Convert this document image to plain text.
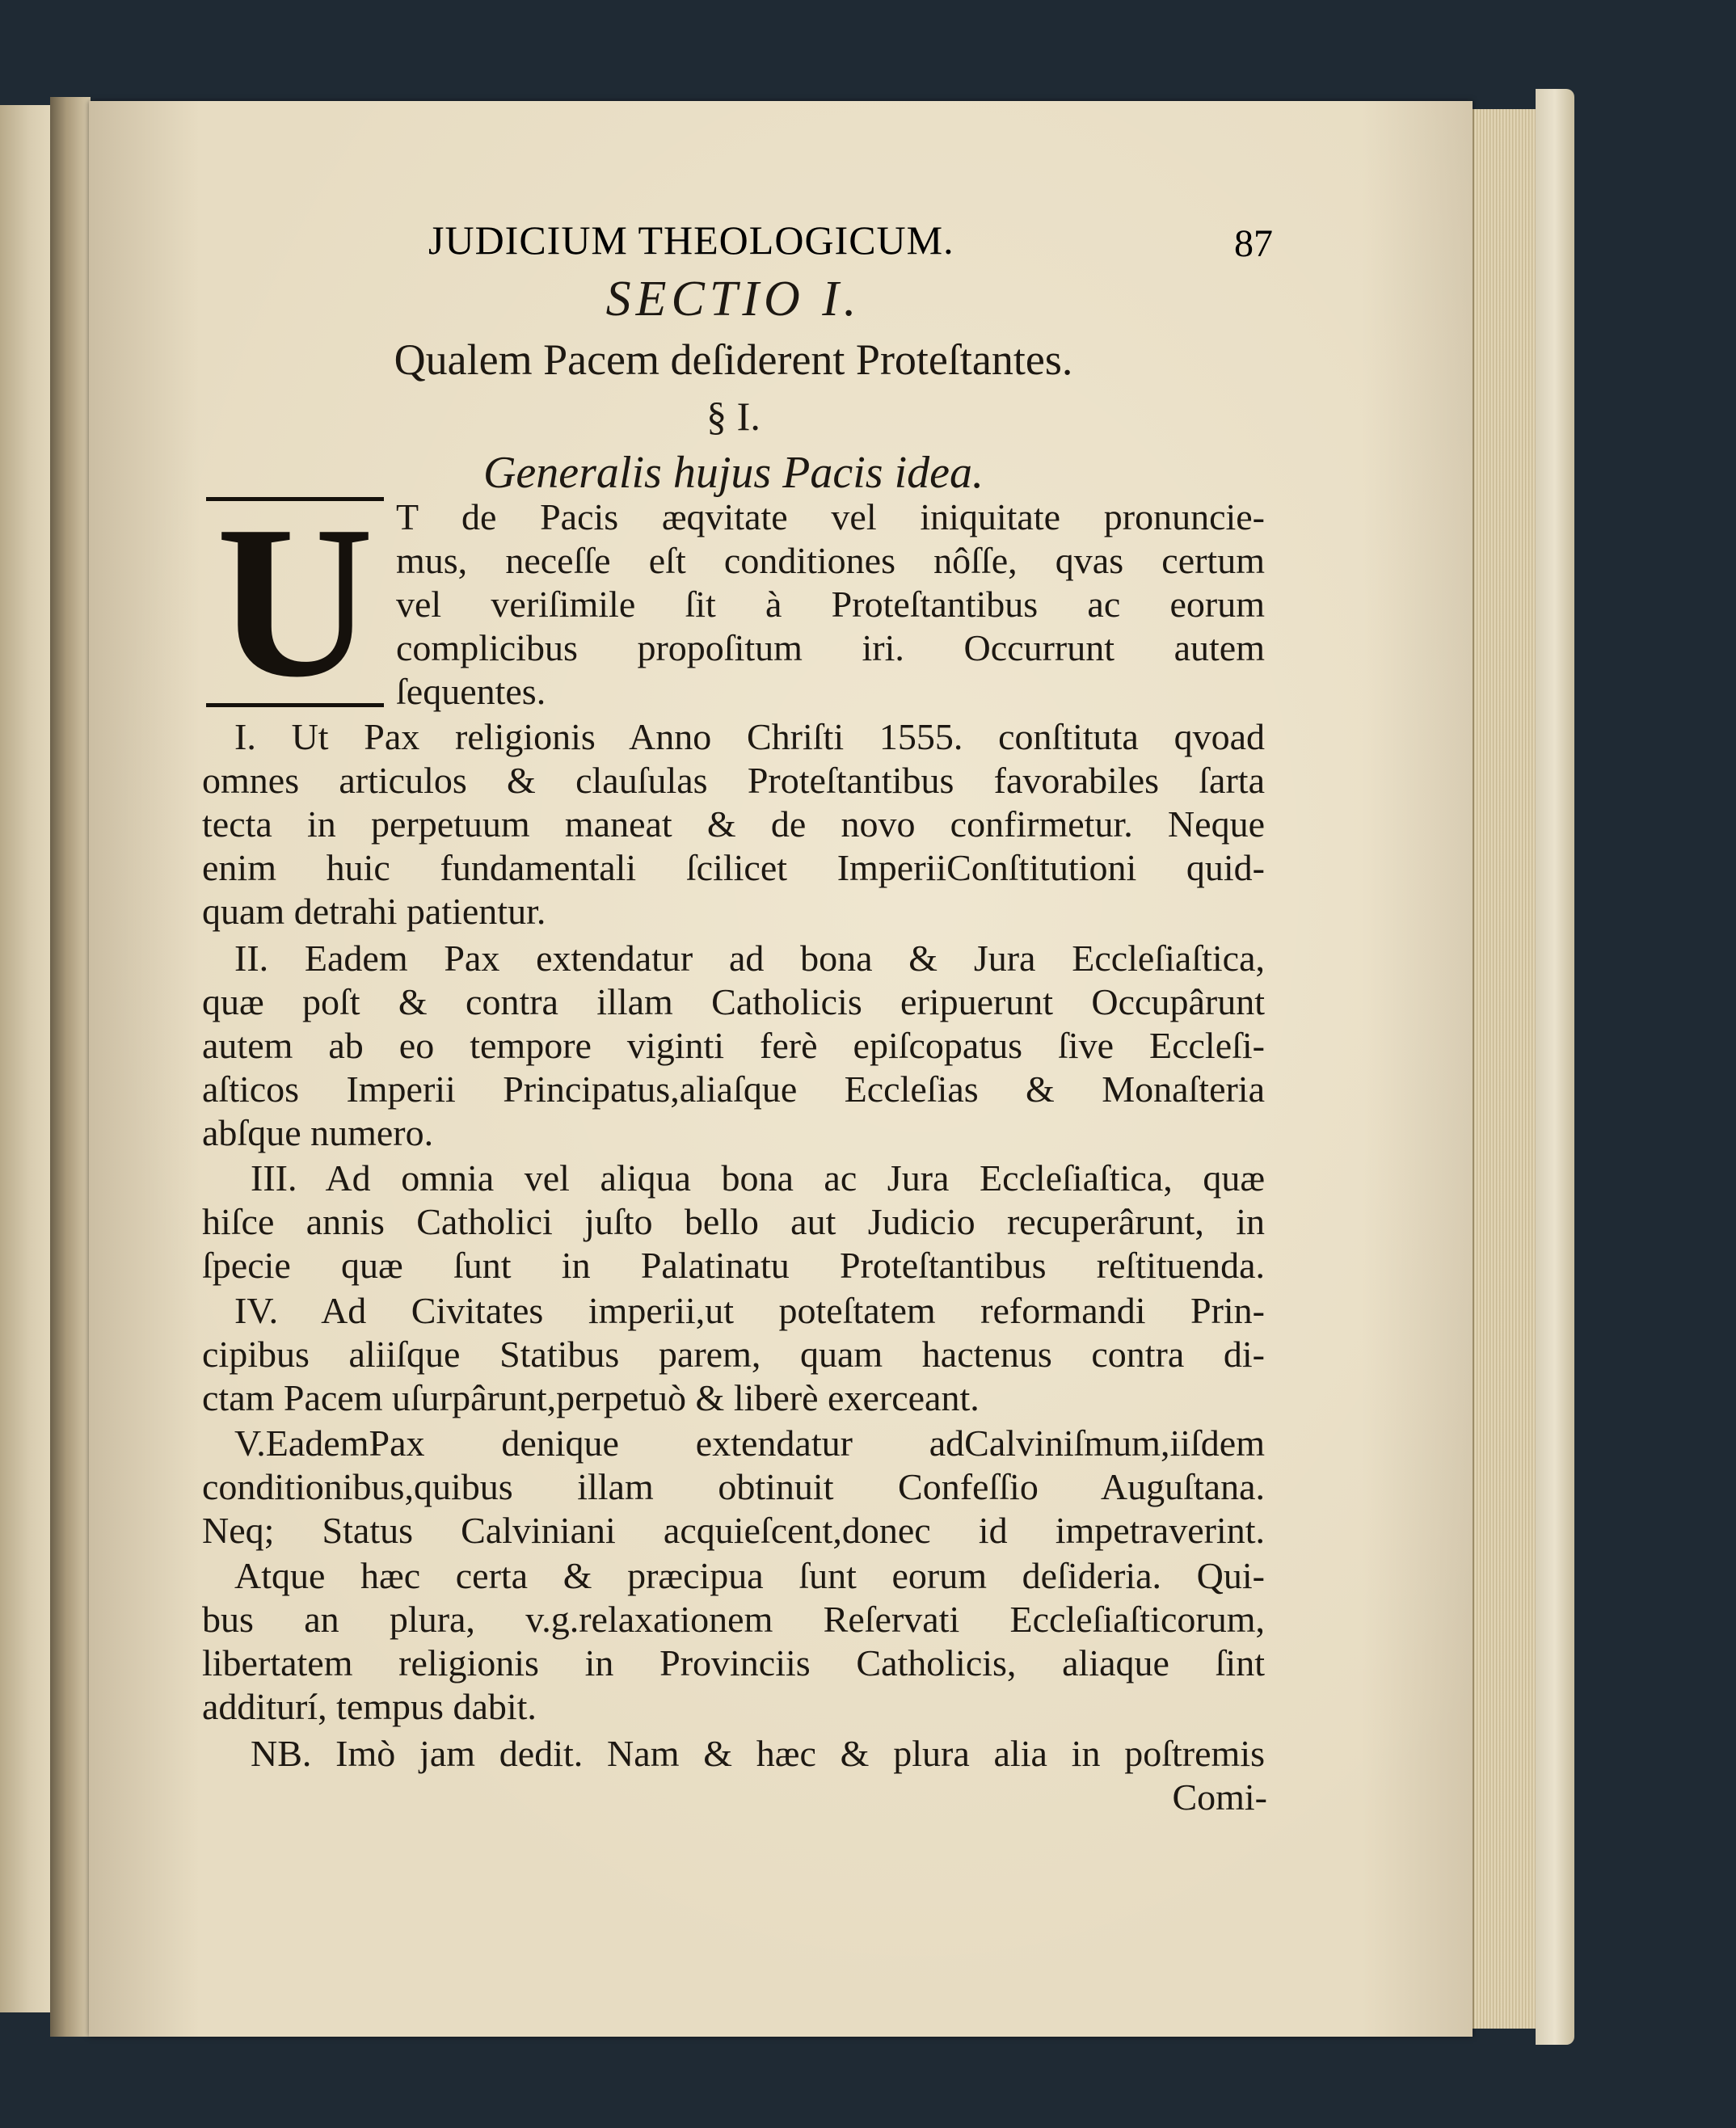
JUDICIUM THEOLOGICUM.	87
SECTIO I.
Qualem Pacem deſiderent Proteſtantes.
§ I.
Generalis hujus Pacis idea.
U T de Pacis æqvitate vel iniquitate pronuncie-
mus, neceſſe eſt conditiones nôſſe, qvas certum
vel veriſimile ſit à Proteſtantibus ac eorum
complicibus propoſitum iri. Occurrunt autem
ſequentes.
I. Ut Pax religionis Anno Chriſti 1555. conſtituta qvoad
omnes articulos & clauſulas Proteſtantibus favorabiles ſarta
tecta in perpetuum maneat & de novo confirmetur. Neque
enim huic fundamentali ſcilicet ImperiiConſtitutioni quid-
quam detrahi patientur.
II. Eadem Pax extendatur ad bona & Jura Eccleſiaſtica,
quæ poſt & contra illam Catholicis eripuerunt Occupârunt
autem ab eo tempore viginti ferè epiſcopatus ſive Eccleſi-
aſticos Imperii Principatus,aliaſque Eccleſias & Monaſteria
abſque numero.
III. Ad omnia vel aliqua bona ac Jura Eccleſiaſtica, quæ
hiſce annis Catholici juſto bello aut Judicio recuperârunt, in
ſpecie quæ ſunt in Palatinatu Proteſtantibus reſtituenda.
IV. Ad Civitates imperii,ut poteſtatem reformandi Prin-
cipibus aliiſque Statibus parem, quam hactenus contra di-
ctam Pacem uſurpârunt,perpetuò & liberè exerceant.
V.EademPax denique extendatur adCalviniſmum,iiſdem
conditionibus,quibus illam obtinuit Confeſſio Auguſtana.
Neq; Status Calviniani acquieſcent,donec id impetraverint.
Atque hæc certa & præcipua ſunt eorum deſideria. Qui-
bus an plura, v.g.relaxationem Reſervati Eccleſiaſticorum,
libertatem religionis in Provinciis Catholicis, aliaque ſint
additurí, tempus dabit.
NB. Imò jam dedit. Nam & hæc & plura alia in poſtremis
Comi-
